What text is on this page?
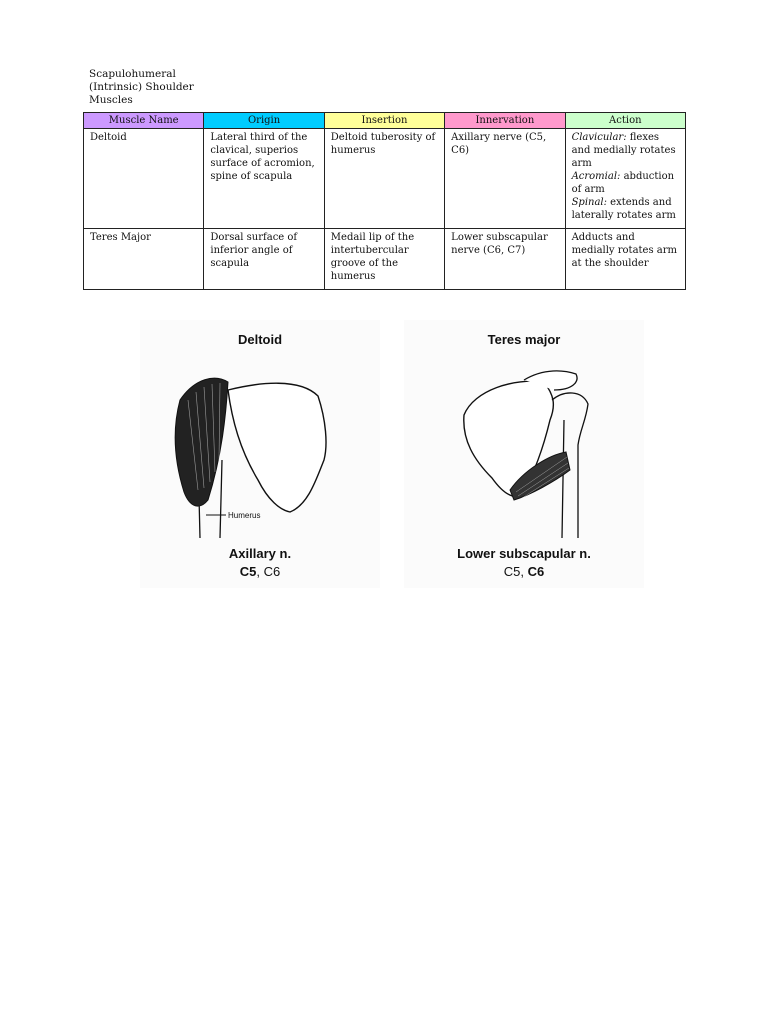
Scapulohumeral
(Intrinsic) Shoulder
Muscles
Muscle Name	Origin	Insertion	Innervation	Action
Deltoid	Lateral third of the clavical, superios surface of acromion, spine of scapula	Deltoid tuberosity of humerus	Axillary nerve (C5, C6)	Clavicular: flexes and medially rotates arm
Acromial: abduction of arm
Spinal: extends and laterally rotates arm
Teres Major	Dorsal surface of inferior angle of scapula	Medail lip of the intertubercular groove of the humerus	Lower subscapular nerve (C6, C7)	Adducts and medially rotates arm at the shoulder
Deltoid
Humerus
Axillary n.
C5, C6
Teres major
Lower subscapular n.
C5, C6
